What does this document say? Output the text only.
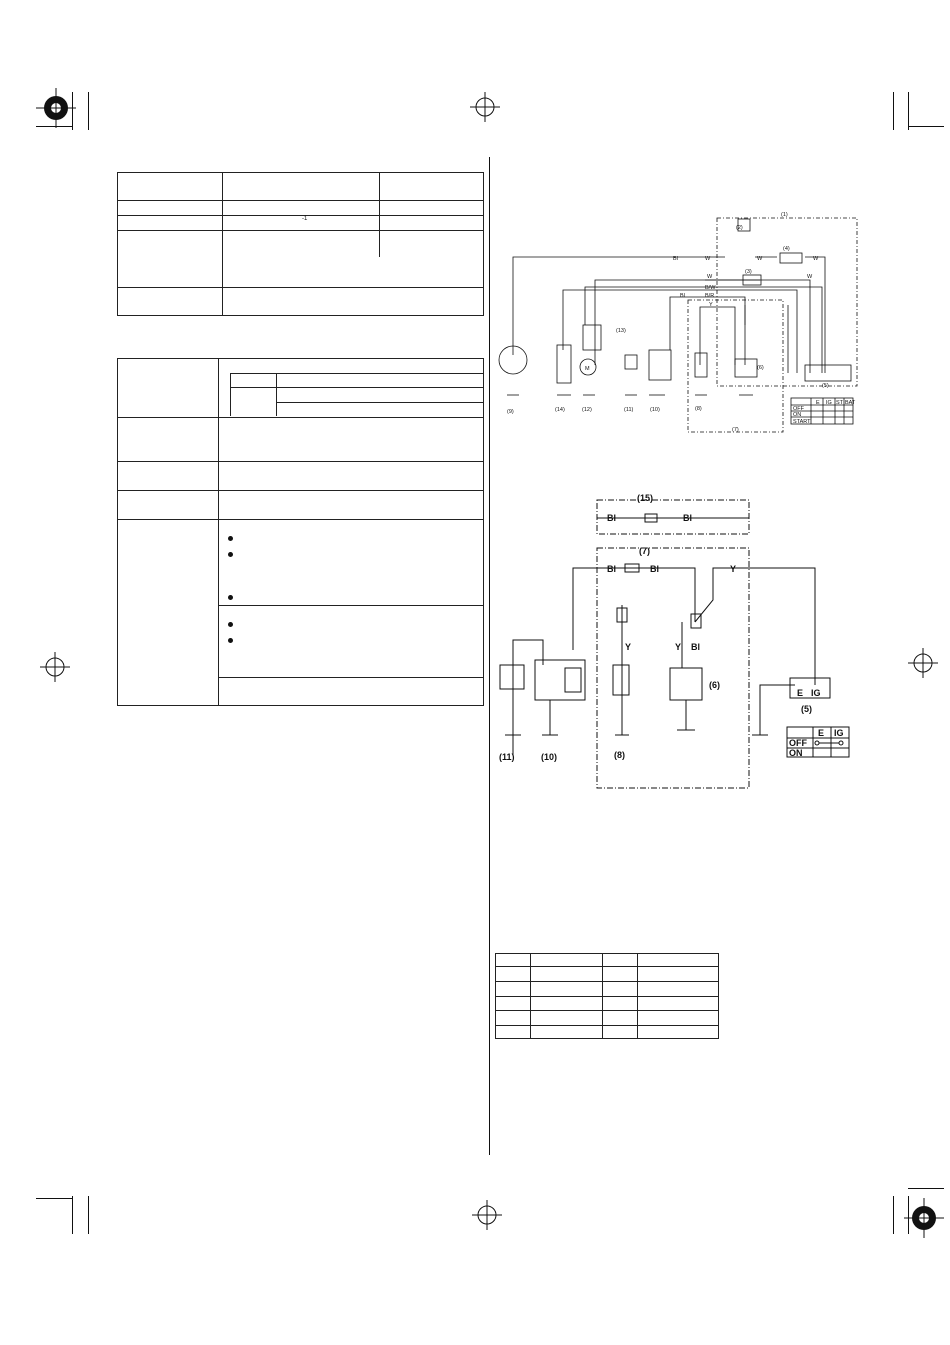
-1
(1)
(2)
(3)
(4)
(5)
(6)
(7)
(8)
(9)	(10)
(11)
(12)
(13)
(14)
M
Bl	W	W	W
W	W
B/W
B/R
Bl
Y
E IG ST BAT
OFF
ON
START
(15)
(7)
(6)
(5)
(8)
(10)
(11)
Bl	Bl
Bl	Bl	Y
Y	Y Bl
E IG
E IG
OFF
ON
